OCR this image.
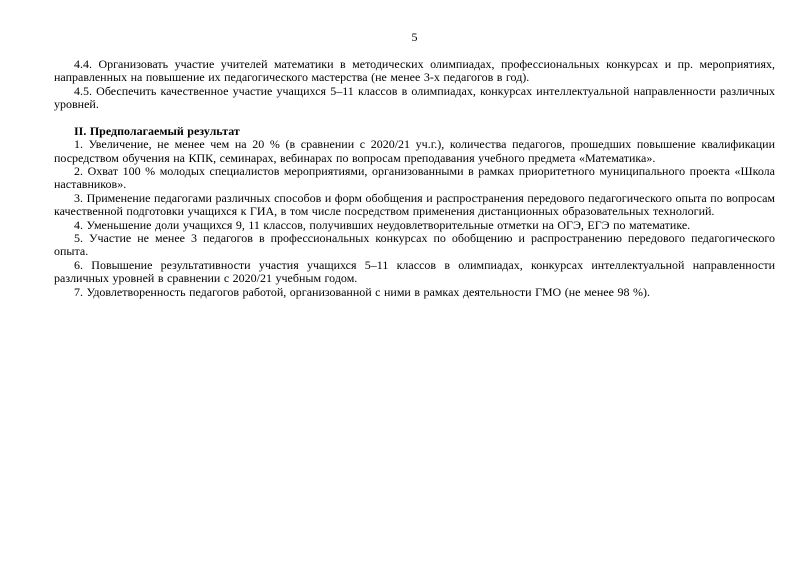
5

4.4. Организовать участие учителей математики в методических олимпиадах, профессиональных конкурсах и пр. мероприятиях, направленных на повышение их педагогического мастерства (не менее 3-х педагогов в год).

4.5. Обеспечить качественное участие учащихся 5–11 классов в олимпиадах, конкурсах интеллектуальной направленности различных уровней.

II. Предполагаемый результат

1. Увеличение, не менее чем на 20 % (в сравнении с 2020/21 уч.г.), количества педагогов, прошедших повышение квалификации посредством обучения на КПК, семинарах, вебинарах по вопросам преподавания учебного предмета «Математика».

2. Охват 100 % молодых специалистов мероприятиями, организованными в рамках приоритетного муниципального проекта «Школа наставников».

3. Применение педагогами различных способов и форм обобщения и распространения передового педагогического опыта по вопросам качественной подготовки учащихся к ГИА, в том числе посредством применения дистанционных образовательных технологий.

4. Уменьшение доли учащихся 9, 11 классов, получивших неудовлетворительные отметки на ОГЭ, ЕГЭ по математике.

5. Участие не менее 3 педагогов в профессиональных конкурсах по обобщению и распространению передового педагогического опыта.

6. Повышение результативности участия учащихся 5–11 классов в олимпиадах, конкурсах интеллектуальной направленности различных уровней в сравнении с 2020/21 учебным годом.

7. Удовлетворенность педагогов работой, организованной с ними в рамках деятельности ГМО (не менее 98 %).
